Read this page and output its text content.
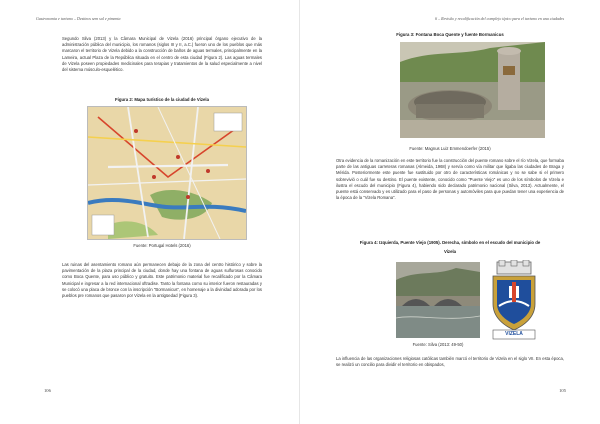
Gastronomia e turismo – Destinos sem sal e pimenta
Segundo Silva (2013) y la Câmara Municipal de Vizela (2016) principal órgano ejecutivo de la administración pública del municipio, los romanos (siglos III y II, a.C.) fueron uno de los pueblos que más marcaron el territorio de Vizela debido a la construcción de baños de aguas termales, principalmente en la Lameira, actual Plaza de la República situada en el centro de esta ciudad (Figura 2). Las aguas termales de Vizela poseen propiedades medicinales para terapias y tratamientos de la salud especialmente a nivel del sistema músculo-esquelético.
Figura 2: Mapa turístico de la ciudad de Vizela
Fuente: Portugal Hotels (2016)
Las ruinas del asentamiento romano aún permanecen debajo de la zona del centro histórico y sobre la pavimentación de la plaza principal de la ciudad, donde hay una fontana de aguas sulfurosas conocido como Boca Quente, para uso público y gratuito. Este patrimonio material fue recalificado por la Câmara Municipal e ingresar a la red internacional oftradise. Tanto la fontana como su interior fueron restauradas y se colocó una placa de bronce con la inscripción "Bormanicus", en homenaje a la divinidad adorada por los pueblos pre romanos que pasaron por Vizela en la antigüedad (Figura 3).
106
6 – Revisão y recalificación del complejo típico para el turismo en una ciudades
Figura 3: Fontana Boca Quente y fuente Bormanicus
Fuente: Magnus Luiz Emmendoerfer (2015)
Otra evidencia de la romanización en este territorio fue la construcción del puente romano sobre el río Vizela, que formaba parte de las antiguas carreteras romanas (Almeida, 1968) y servía como vía militar que ligaba las ciudades de Braga y Mérida. Posteriormente este puente fue sustituido por otro de características románicas y no se sabe si el primero sobrevivió o cuál fue su destino. El puente existente, conocido como "Puente Viejo" es uno de los símbolos de Vizela e ilustra el escudo del municipio (Figura 4), habiendo sido declarado patrimonio nacional (Silva, 2013). Actualmente, el puente está conservado y es utilizado para el paso de personas y automóviles para que puedan tener una experiencia de la época de la "Vizela Romana".
Figura 4: Izquierda, Puente Viejo (1905). Derecha, símbolo en el escudo del municipio de
Vizela
VIZELA
Fuente: Silva (2013: 49-50)
La influencia de las organizaciones religiosas católicas también marcó el territorio de Vizela en el siglo VII. En esta época, se realizó un concilio para dividir el territorio en obispados,
105
